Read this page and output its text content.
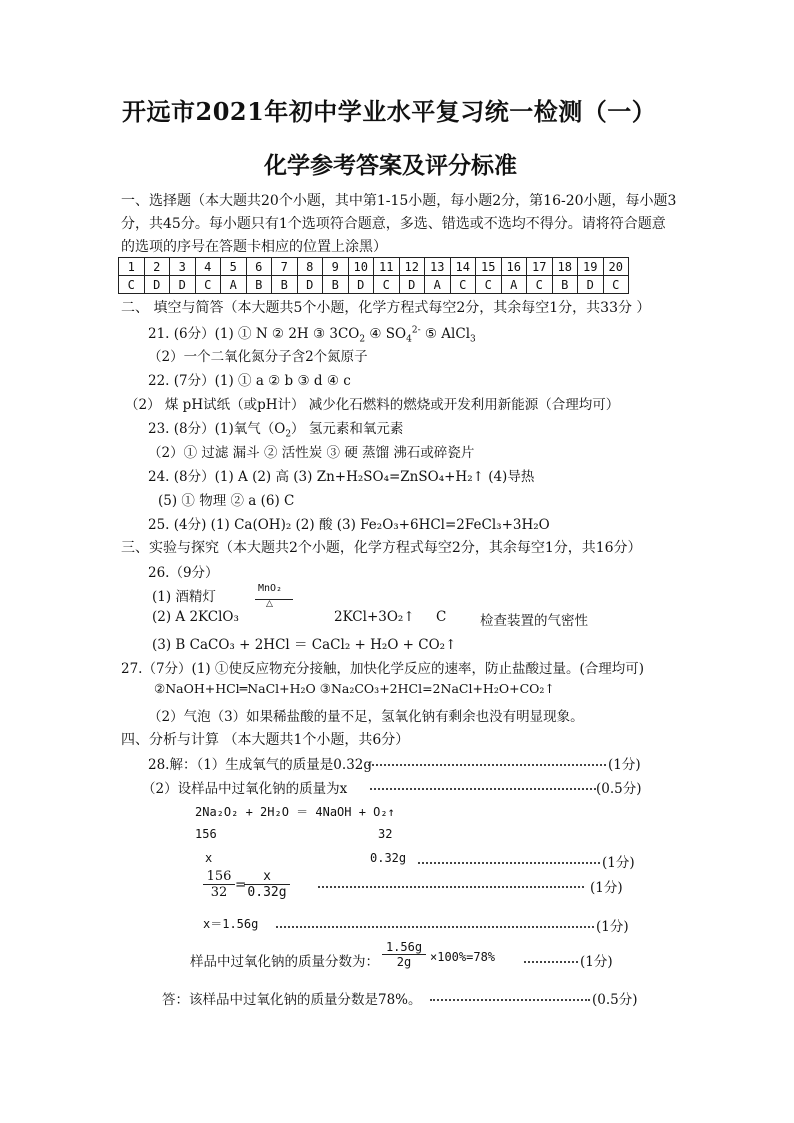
开远市2021年初中学业水平复习统一检测（一）
化学参考答案及评分标准
一、选择题（本大题共20个小题，其中第1-15小题，每小题2分，第16-20小题，每小题3分，共45分。每小题只有1个选项符合题意，多选、错选或不选均不得分。请将符合题意的选项的序号在答题卡相应的位置上涂黑）
1	2	3	4	5	6	7	8	9	10	11	12	13	14	15	16	17	18	19	20
C	D	D	C	A	B	B	D	B	D	C	D	A	C	C	A	C	B	D	C
二、 填空与简答（本大题共5个小题，化学方程式每空2分，其余每空1分，共33分 ）
21. (6分）(1) ① N ② 2H ③ $3CO_2$ ④ $SO_4^{2-}$ ⑤ AlCl$_3$
（2）一个二氧化氮分子含2个氮原子
22. (7分）(1) ① a ② b ③ d ④ c
（2） 煤 pH试纸（或pH计） 减少化石燃料的燃烧或开发利用新能源（合理均可）
23. (8分）(1)氧气$(O_2)$ 氢元素和氧元素
（2）① 过滤 漏斗 ② 活性炭 ③ 硬 蒸馏 沸石或碎瓷片
24. (8分）(1) A (2) 高 (3) Zn+H₂SO₄=ZnSO₄+H₂↑ (4)导热
(5) ① 物理 ② a (6) C
25. (4分) (1) Ca(OH)₂ (2) 酸 (3) Fe₂O₃+6HCl=2FeCl₃+3H₂O
三、实验与探究（本大题共2个小题，化学方程式每空2分，其余每空1分，共16分）
26.（9分）
(1) 酒精灯
MnO₂
△
(2) A 2KClO₃	2KCl+3O₂↑ C 检查装置的气密性
(3) B CaCO₃ + 2HCl ＝ CaCl₂ + H₂O + CO₂↑
27.（7分）(1) ①使反应物充分接触，加快化学反应的速率，防止盐酸过量。(合理均可)
②NaOH+HCl═NaCl+H₂O ③Na₂CO₃+2HCl=2NaCl+H₂O+CO₂↑
（2）气泡（3）如果稀盐酸的量不足，氢氧化钠有剩余也没有明显现象。
四、分析与计算 （本大题共1个小题，共6分）
28.解：（1）生成氧气的质量是0.32g	(1分)
（2）设样品中过氧化钠的质量为x	(0.5分)
2Na₂O₂ + 2H₂O ＝ 4NaOH + O₂↑
156	32
x	0.32g	(1分)
$\frac{156}{32}$ =
$\frac{x}{0.32g}$	(1分)
x＝1.56g	(1分)
样品中过氧化钠的质量分数为： $\frac{1.56g}{2g} \times 100\%=78\%$	(1分)
答：该样品中过氧化钠的质量分数是78%。	(0.5分)
